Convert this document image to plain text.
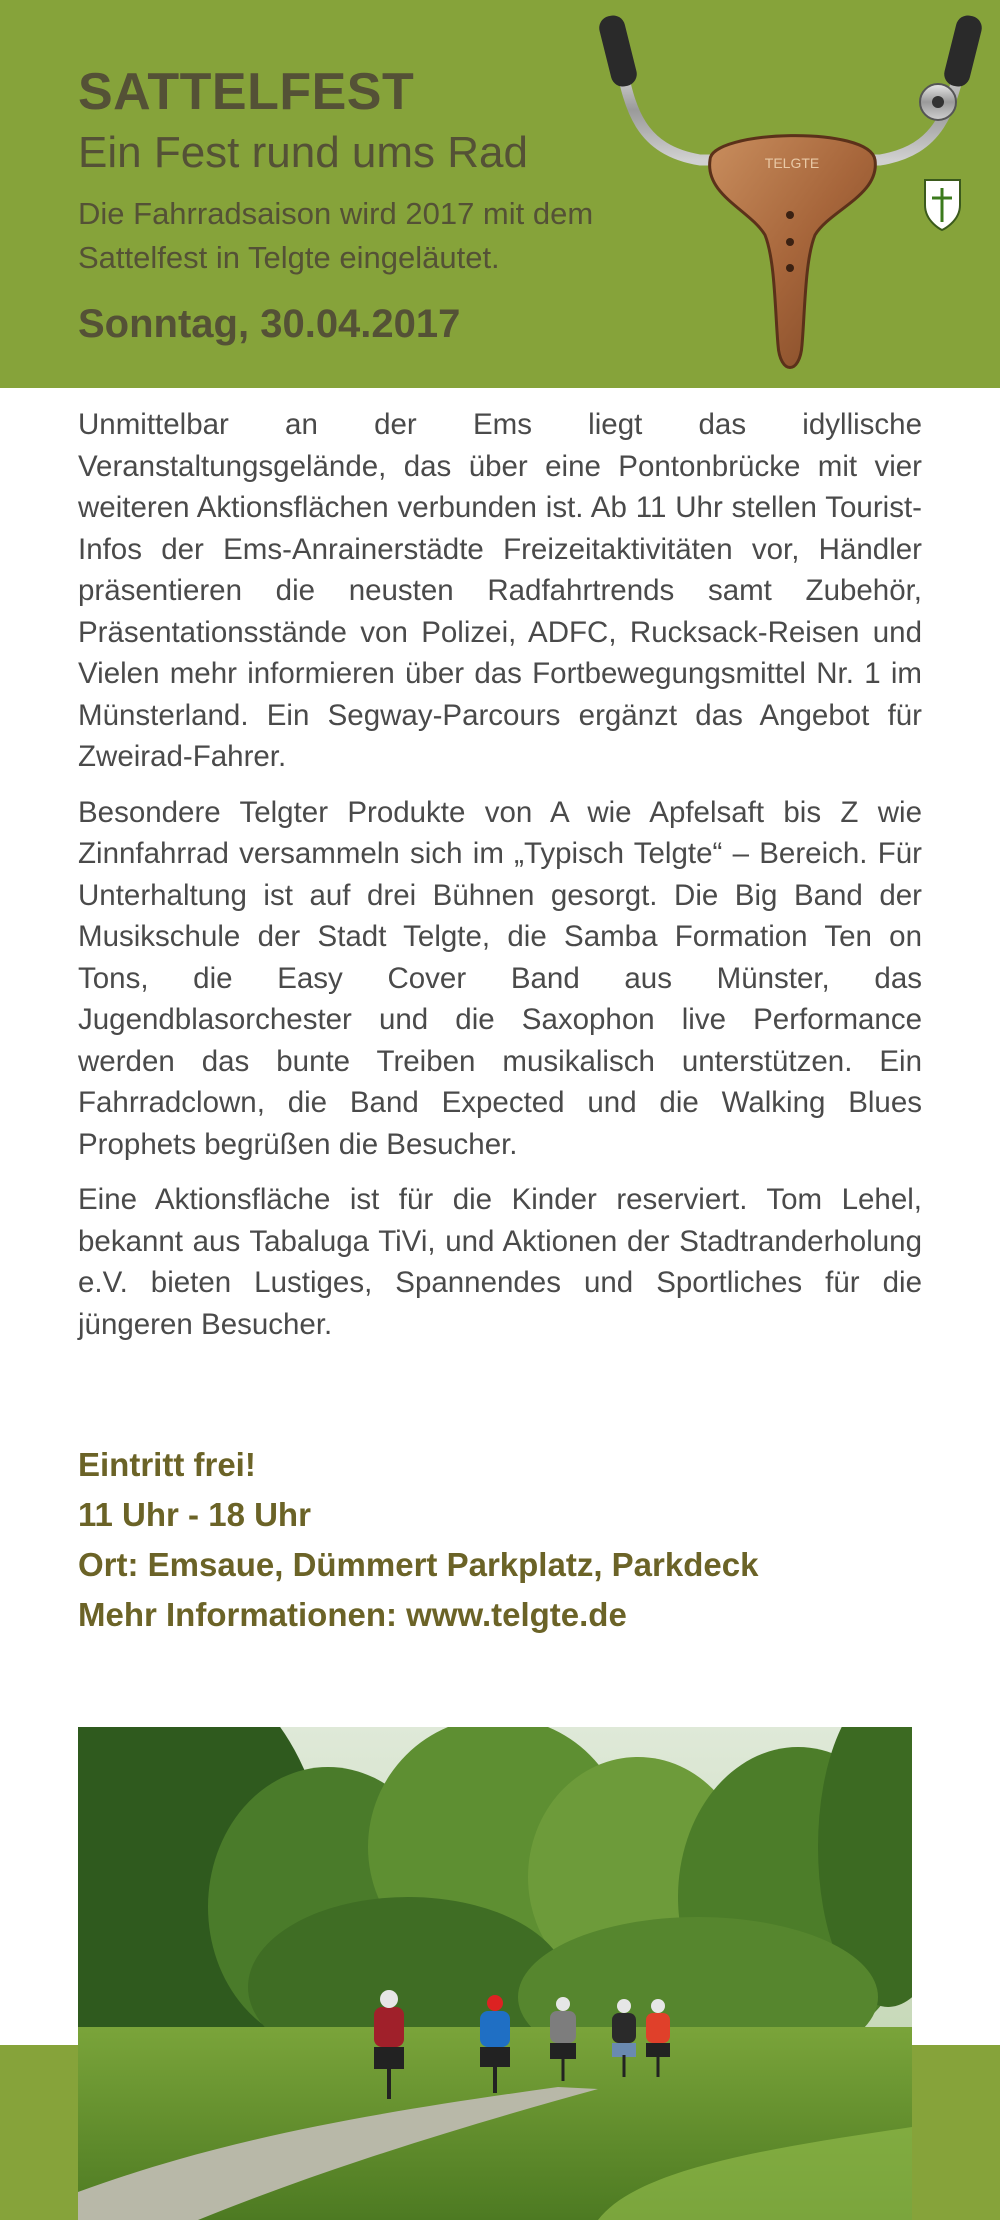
SATTELFEST
Ein Fest rund ums Rad

Die Fahrradsaison wird 2017 mit dem Sattelfest in Telgte eingeläutet.

Sonntag, 30.04.2017
TELGTE

Unmittelbar an der Ems liegt das idyllische Veranstaltungsgelände, das über eine Pontonbrücke mit vier weiteren Aktionsflächen verbunden ist. Ab 11 Uhr stellen Tourist-Infos der Ems-Anrainerstädte Freizeitaktivitäten vor, Händler präsentieren die neusten Radfahrtrends samt Zubehör, Präsentationsstände von Polizei, ADFC, Rucksack-Reisen und Vielen mehr informieren über das Fortbewegungsmittel Nr. 1 im Münsterland. Ein Segway-Parcours ergänzt das Angebot für Zweirad-Fahrer.

Besondere Telgter Produkte von A wie Apfelsaft bis Z wie Zinnfahrrad versammeln sich im „Typisch Telgte“ – Bereich. Für Unterhaltung ist auf drei Bühnen gesorgt. Die Big Band der Musikschule der Stadt Telgte, die Samba Formation Ten on Tons, die Easy Cover Band aus Münster, das Jugendblasorchester und die Saxophon live Performance werden das bunte Treiben musikalisch unterstützen. Ein Fahrradclown, die Band Expected und die Walking Blues Prophets begrüßen die Besucher.

Eine Aktionsfläche ist für die Kinder reserviert. Tom Lehel, bekannt aus Tabaluga TiVi, und Aktionen der Stadtranderholung e.V. bieten Lustiges, Spannendes und Sportliches für die jüngeren Besucher.

Eintritt frei!
11 Uhr - 18 Uhr
Ort: Emsaue, Dümmert Parkplatz, Parkdeck
Mehr Informationen: www.telgte.de
